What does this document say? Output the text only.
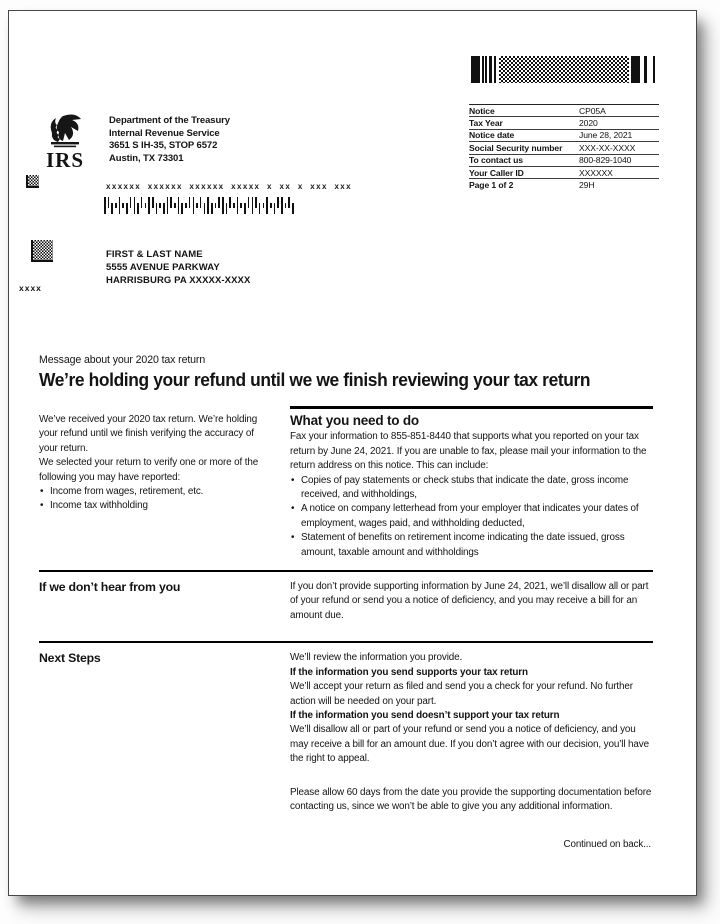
IRS
Department of the Treasury
Internal Revenue Service
3651 S IH-35, STOP 6572
Austin, TX 73301
Notice	CP05A
Tax Year	2020
Notice date	June 28, 2021
Social Security number	XXX-XX-XXXX
To contact us	800-829-1040
Your Caller ID	XXXXXX
Page 1 of 2	29H
xxxxxx xxxxxx xxxxxx xxxxx x xx x xxx xxx
FIRST & LAST NAME
5555 AVENUE PARKWAY
HARRISBURG PA XXXXX-XXXX
xxxx
Message about your 2020 tax return
We’re holding your refund until we we finish reviewing your tax return

We’ve received your 2020 tax return. We’re holding your refund until we finish verifying the accuracy of your return.

We selected your return to verify one or more of the following you may have reported:

• Income from wages, retirement, etc.
• Income tax withholding
What you need to do

Fax your information to 855-851-8440 that supports what you reported on your tax return by June 24, 2021. If you are unable to fax, please mail your information to the return address on this notice. This can include:

• Copies of pay statements or check stubs that indicate the date, gross income received, and withholdings,
• A notice on company letterhead from your employer that indicates your dates of employment, wages paid, and withholding deducted,
• Statement of benefits on retirement income indicating the date issued, gross amount, taxable amount and withholdings
If we don’t hear from you	If you don’t provide supporting information by June 24, 2021, we’ll disallow all or part of your refund or send you a notice of deficiency, and you may receive a bill for an amount due.

Next Steps	We’ll review the information you provide.

If the information you send supports your tax return

We’ll accept your return as filed and send you a check for your refund. No further action will be needed on your part.

If the information you send doesn’t support your tax return

We’ll disallow all or part of your refund or send you a notice of deficiency, and you may receive a bill for an amount due. If you don’t agree with our decision, you’ll have the right to appeal.

Please allow 60 days from the date you provide the supporting documentation before contacting us, since we won’t be able to give you any additional information.

Continued on back...
